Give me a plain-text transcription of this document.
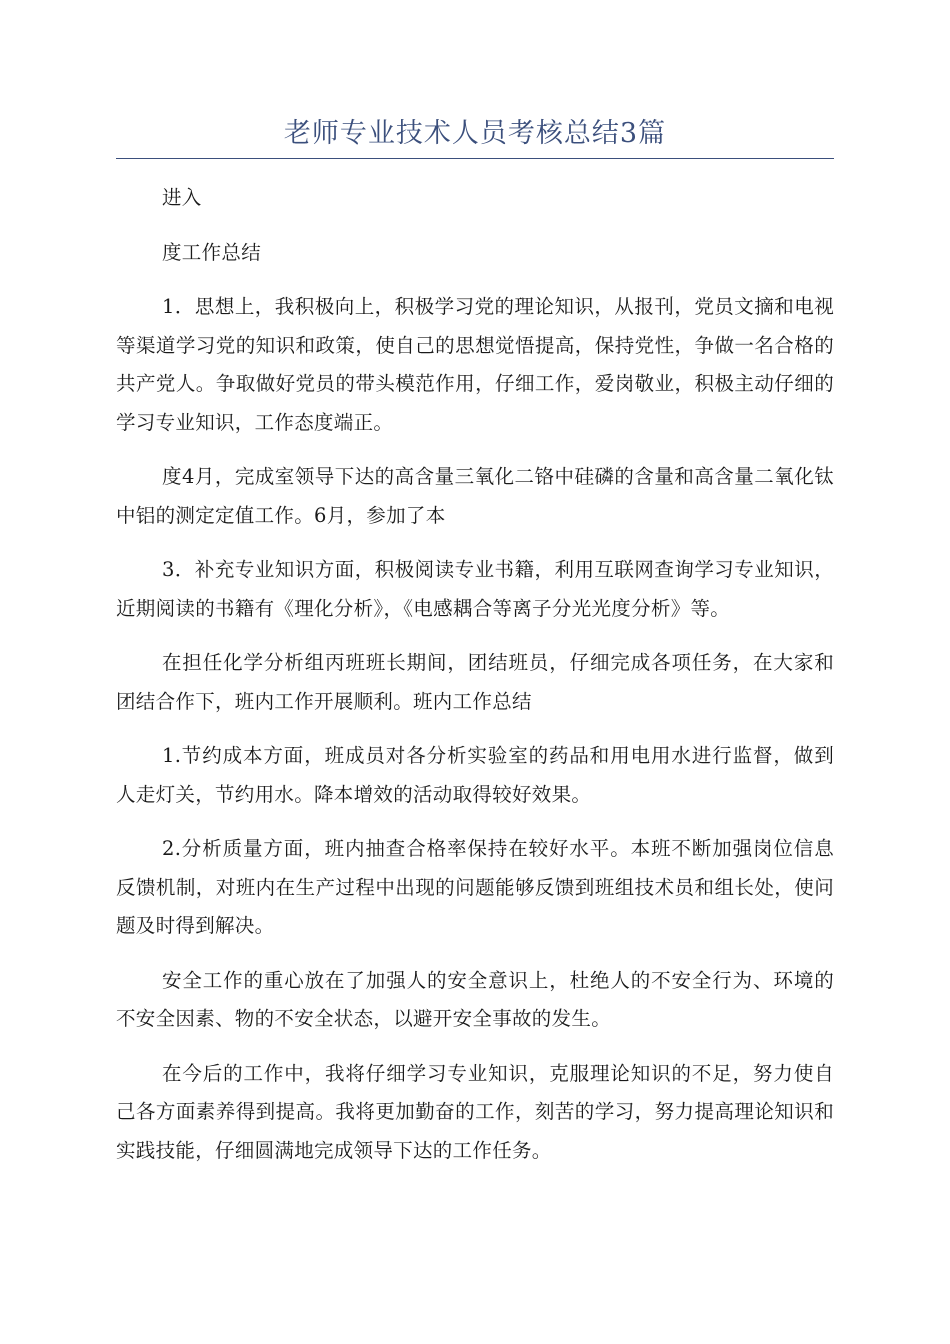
老师专业技术人员考核总结3篇

进入

度工作总结

1．思想上，我积极向上，积极学习党的理论知识，从报刊，党员文摘和电视等渠道学习党的知识和政策，使自己的思想觉悟提高，保持党性，争做一名合格的共产党人。争取做好党员的带头模范作用，仔细工作，爱岗敬业，积极主动仔细的学习专业知识，工作态度端正。

度4月，完成室领导下达的高含量三氧化二铬中硅磷的含量和高含量二氧化钛中铝的测定定值工作。6月，参加了本

3．补充专业知识方面，积极阅读专业书籍，利用互联网查询学习专业知识，近期阅读的书籍有《理化分析》，《电感耦合等离子分光光度分析》等。

在担任化学分析组丙班班长期间，团结班员，仔细完成各项任务，在大家和团结合作下，班内工作开展顺利。班内工作总结

1.节约成本方面，班成员对各分析实验室的药品和用电用水进行监督，做到人走灯关，节约用水。降本增效的活动取得较好效果。

2.分析质量方面，班内抽查合格率保持在较好水平。本班不断加强岗位信息反馈机制，对班内在生产过程中出现的问题能够反馈到班组技术员和组长处，使问题及时得到解决。

安全工作的重心放在了加强人的安全意识上，杜绝人的不安全行为、环境的不安全因素、物的不安全状态，以避开安全事故的发生。

在今后的工作中，我将仔细学习专业知识，克服理论知识的不足，努力使自己各方面素养得到提高。我将更加勤奋的工作，刻苦的学习，努力提高理论知识和实践技能，仔细圆满地完成领导下达的工作任务。
